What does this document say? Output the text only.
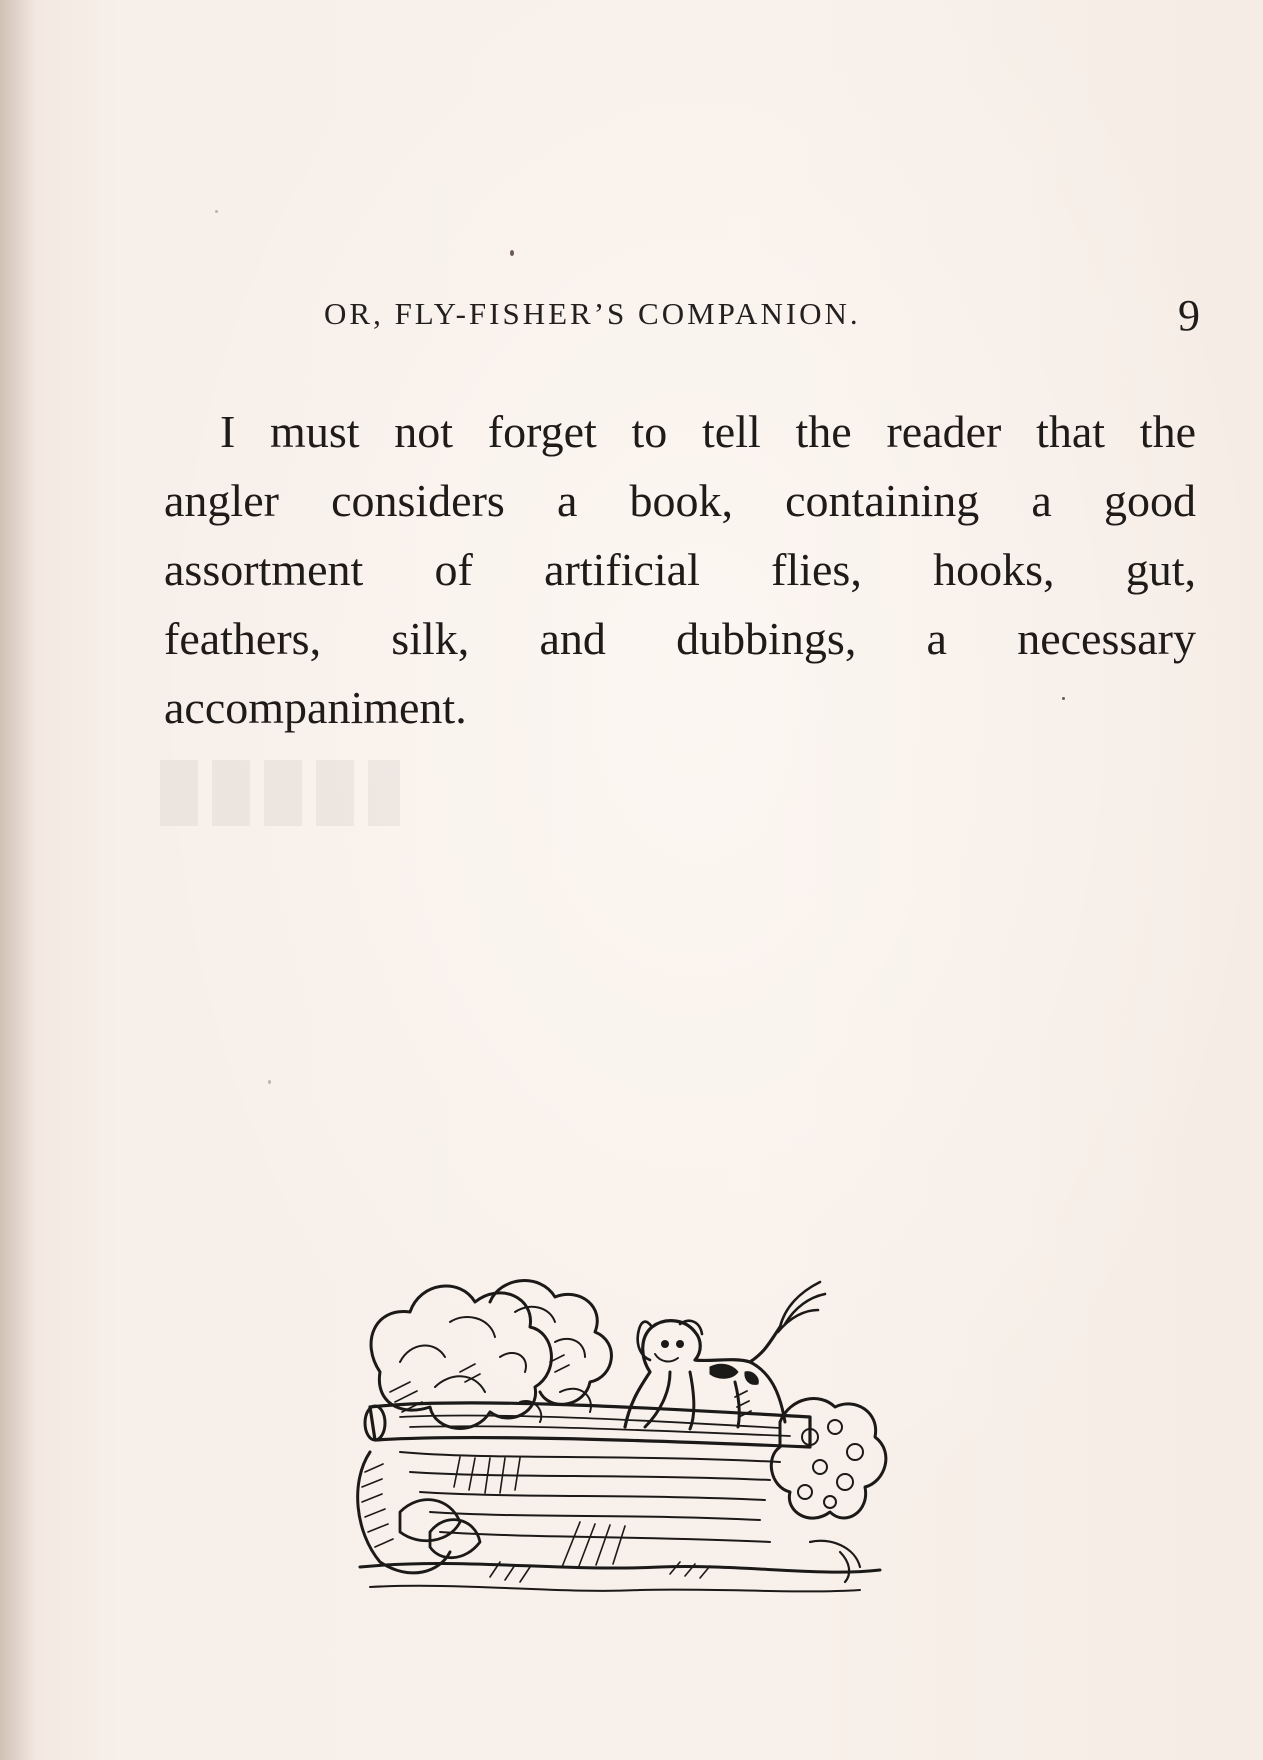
OR, FLY-FISHER’S COMPANION.	9
I must not forget to tell the reader that the
angler considers a book, containing a good
assortment of artificial flies, hooks, gut,
feathers, silk, and dubbings, a necessary
accompaniment.
